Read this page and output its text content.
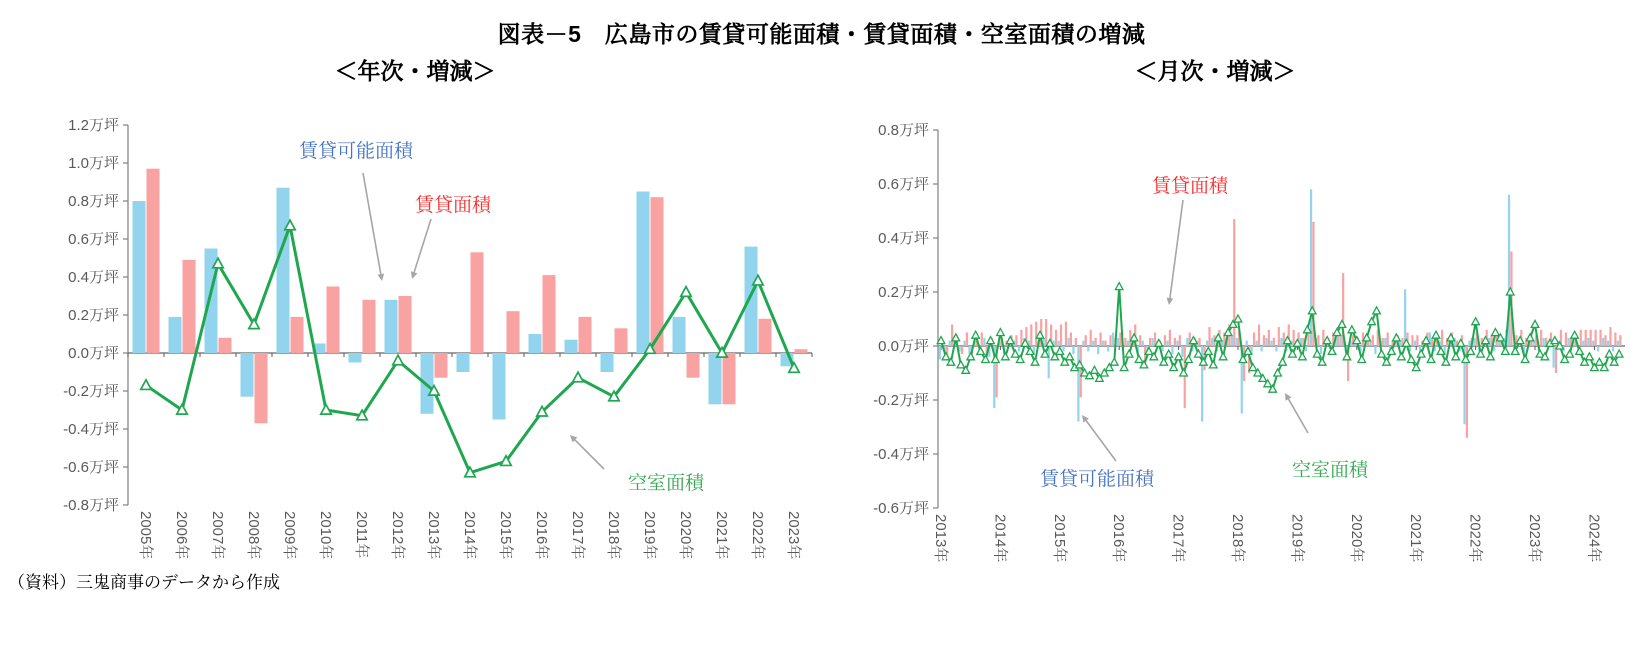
図表－5　広島市の賃貸可能面積・賃貸面積・空室面積の増減
＜年次・増減＞	＜月次・増減＞
1.2万坪
1.0万坪
0.8万坪
0.6万坪
0.4万坪
0.2万坪
0.0万坪
-0.2万坪
-0.4万坪
-0.6万坪
-0.8万坪
2005年 2006年 2007年 2008年 2009年 2010年 2011年 2012年 2013年 2014年 2015年 2016年 2017年 2018年 2019年 2020年 2021年 2022年 2023年
賃貸可能面積
賃貸面積
空室面積
0.8万坪
0.6万坪
0.4万坪
0.2万坪
0.0万坪
-0.2万坪
-0.4万坪
-0.6万坪
2013年	2014年	2015年	2016年	2017年	2018年	2019年	2020年	2021年	2022年	2023年	2024年
賃貸面積
賃貸可能面積	空室面積
（資料）三鬼商事のデータから作成
